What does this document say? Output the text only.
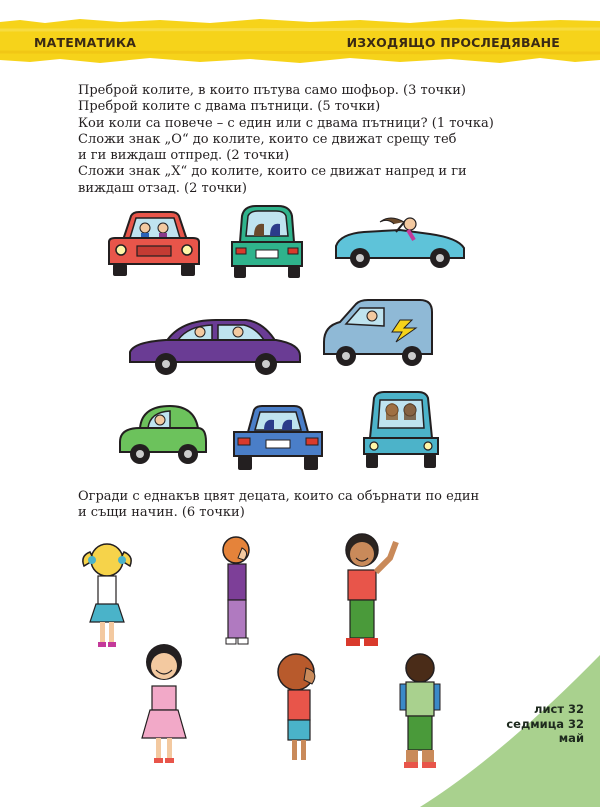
МАТЕМАТИКА	ИЗХОДЯЩО ПРОСЛЕДЯВАНЕ
Преброй колите, в които пътува само шофьор. (3 точки)
Преброй колите с двама пътници. (5 точки)
Кои коли са повече – с един или с двама пътници? (1 точка)
Сложи знак „О“ до колите, които се движат срещу теб
и ги виждаш отпред. (2 точки)
Сложи знак „X“ до колите, които се движат напред и ги
виждаш отзад. (2 точки)
Огради с еднакъв цвят децата, които са обърнати по един
и същи начин. (6 точки)
лист 32
седмица 32
май
